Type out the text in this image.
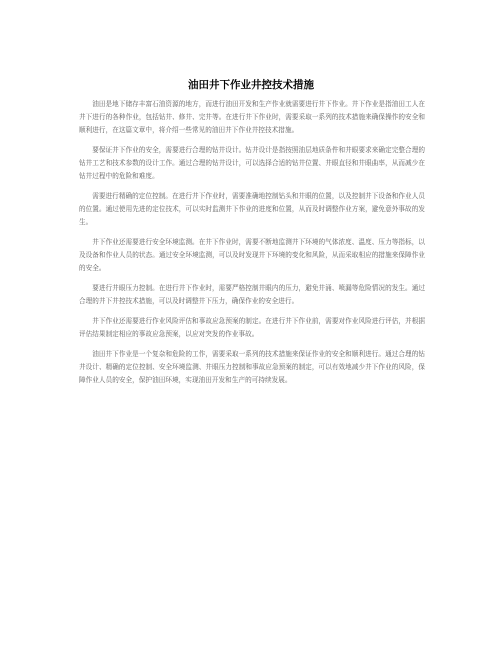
油田井下作业井控技术措施

油田是地下储存丰富石油资源的地方，而进行油田开发和生产作业就需要进行井下作业。井下作业是指油田工人在井下进行的各种作业，包括钻井、修井、完井等。在进行井下作业时，需要采取一系列的技术措施来确保操作的安全和顺利进行，在这篇文章中，将介绍一些常见的油田井下作业井控技术措施。

要保证井下作业的安全，需要进行合理的钻井设计。钻井设计是指按照油层地质条件和井眼要求来确定完整合理的钻井工艺和技术参数的设计工作。通过合理的钻井设计，可以选择合适的钻井位置、井眼直径和井眼曲率，从而减少在钻井过程中的危险和难度。

需要进行精确的定位控制。在进行井下作业时，需要准确地控制钻头和井眼的位置，以及控制井下设备和作业人员的位置。通过使用先进的定位技术，可以实时监测井下作业的进度和位置，从而及时调整作业方案，避免意外事故的发生。

井下作业还需要进行安全环境监测。在井下作业时，需要不断地监测井下环境的气体浓度、温度、压力等指标，以及设备和作业人员的状态。通过安全环境监测，可以及时发现井下环境的变化和风险，从而采取相应的措施来保障作业的安全。

要进行井眼压力控制。在进行井下作业时，需要严格控制井眼内的压力，避免井涌、喷漏等危险情况的发生。通过合理的井下井控技术措施，可以及时调整井下压力，确保作业的安全进行。

井下作业还需要进行作业风险评估和事故应急预案的制定。在进行井下作业前，需要对作业风险进行评估，并根据评估结果制定相应的事故应急预案，以应对突发的作业事故。

油田井下作业是一个复杂和危险的工作，需要采取一系列的技术措施来保证作业的安全和顺利进行。通过合理的钻井设计、精确的定位控制、安全环境监测、井眼压力控制和事故应急预案的制定，可以有效地减少井下作业的风险，保障作业人员的安全，保护油田环境，实现油田开发和生产的可持续发展。
